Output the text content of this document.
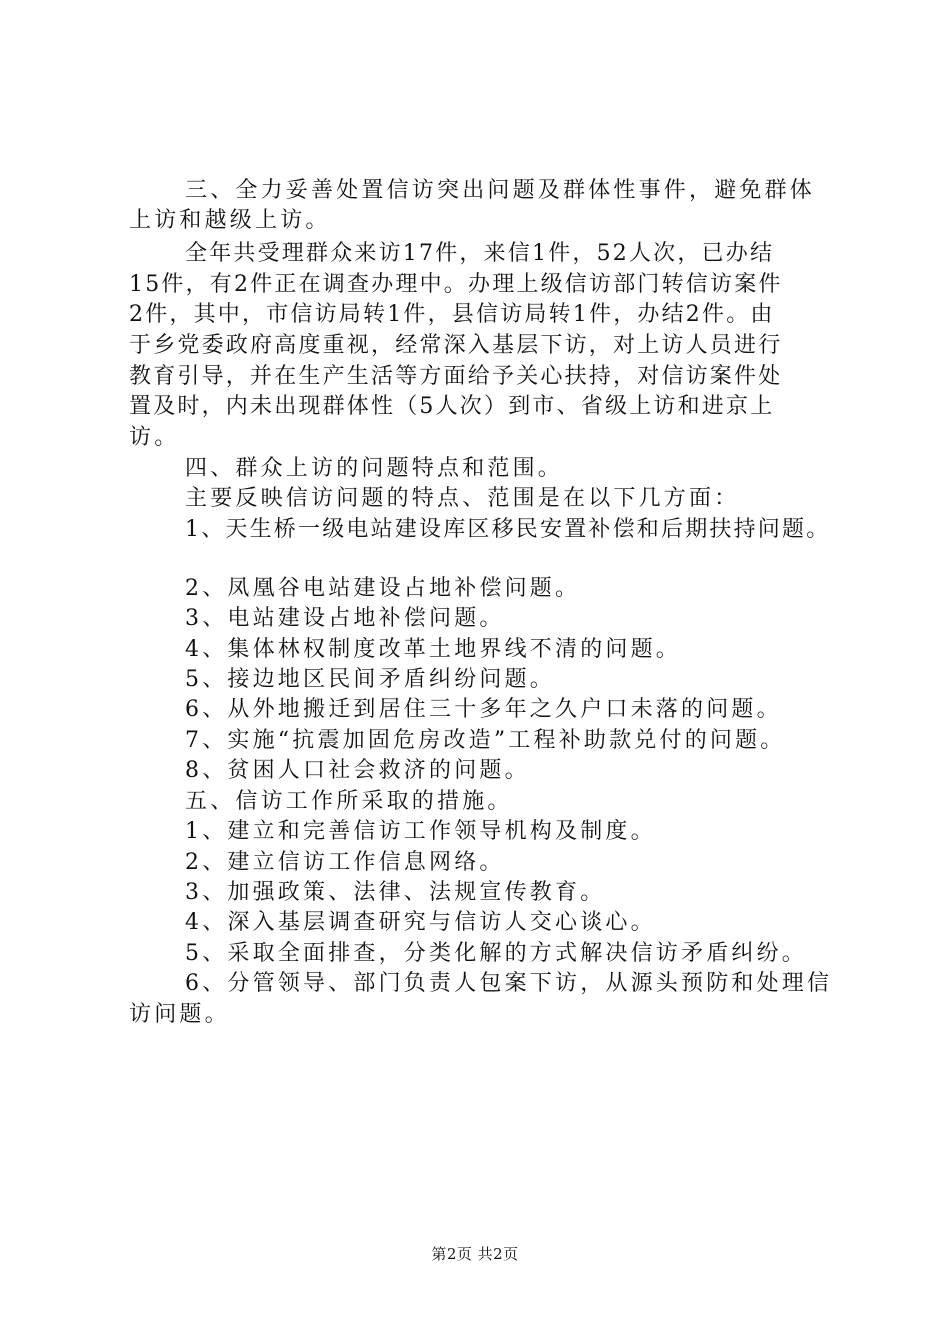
三、全力妥善处置信访突出问题及群体性事件，避免群体
上访和越级上访。
全年共受理群众来访17件，来信1件，52人次，已办结
15件，有2件正在调查办理中。办理上级信访部门转信访案件
2件，其中，市信访局转1件，县信访局转1件，办结2件。由
于乡党委政府高度重视，经常深入基层下访，对上访人员进行
教育引导，并在生产生活等方面给予关心扶持，对信访案件处
置及时，内未出现群体性（5人次）到市、省级上访和进京上
访。
四、群众上访的问题特点和范围。
主要反映信访问题的特点、范围是在以下几方面：
1、天生桥一级电站建设库区移民安置补偿和后期扶持问题。
2、凤凰谷电站建设占地补偿问题。
3、电站建设占地补偿问题。
4、集体林权制度改革土地界线不清的问题。
5、接边地区民间矛盾纠纷问题。
6、从外地搬迁到居住三十多年之久户口未落的问题。
7、实施“抗震加固危房改造”工程补助款兑付的问题。
8、贫困人口社会救济的问题。
五、信访工作所采取的措施。
1、建立和完善信访工作领导机构及制度。
2、建立信访工作信息网络。
3、加强政策、法律、法规宣传教育。
4、深入基层调查研究与信访人交心谈心。
5、采取全面排查，分类化解的方式解决信访矛盾纠纷。
6、分管领导、部门负责人包案下访，从源头预防和处理信
访问题。
第2页 共2页
